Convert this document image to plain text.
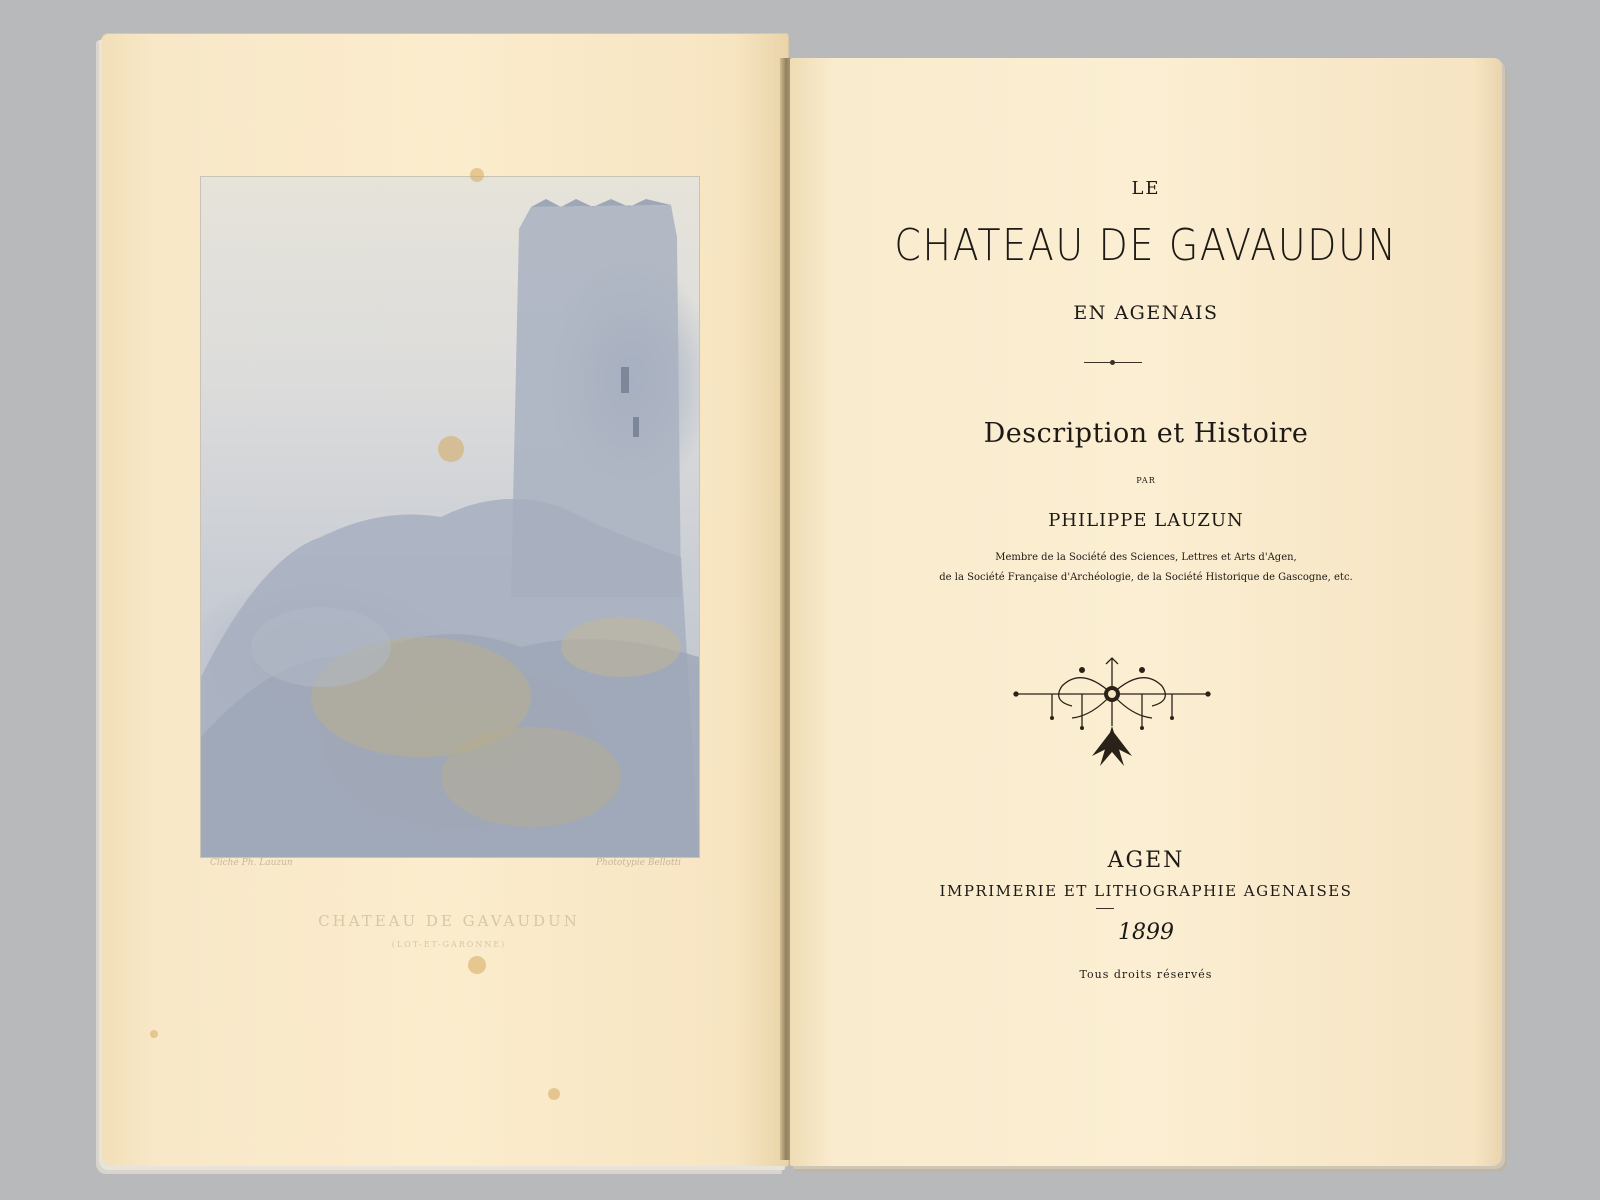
Cliché Ph. Lauzun	Phototypie Bellotti
CHATEAU DE GAVAUDUN
(LOT-ET-GARONNE)
LE
CHATEAU DE GAVAUDUN
EN AGENAIS
Description et Histoire
PAR
PHILIPPE LAUZUN
Membre de la Société des Sciences, Lettres et Arts d'Agen,
de la Société Française d'Archéologie, de la Société Historique de Gascogne, etc.
AGEN
IMPRIMERIE ET LITHOGRAPHIE AGENAISES
1899
Tous droits réservés
